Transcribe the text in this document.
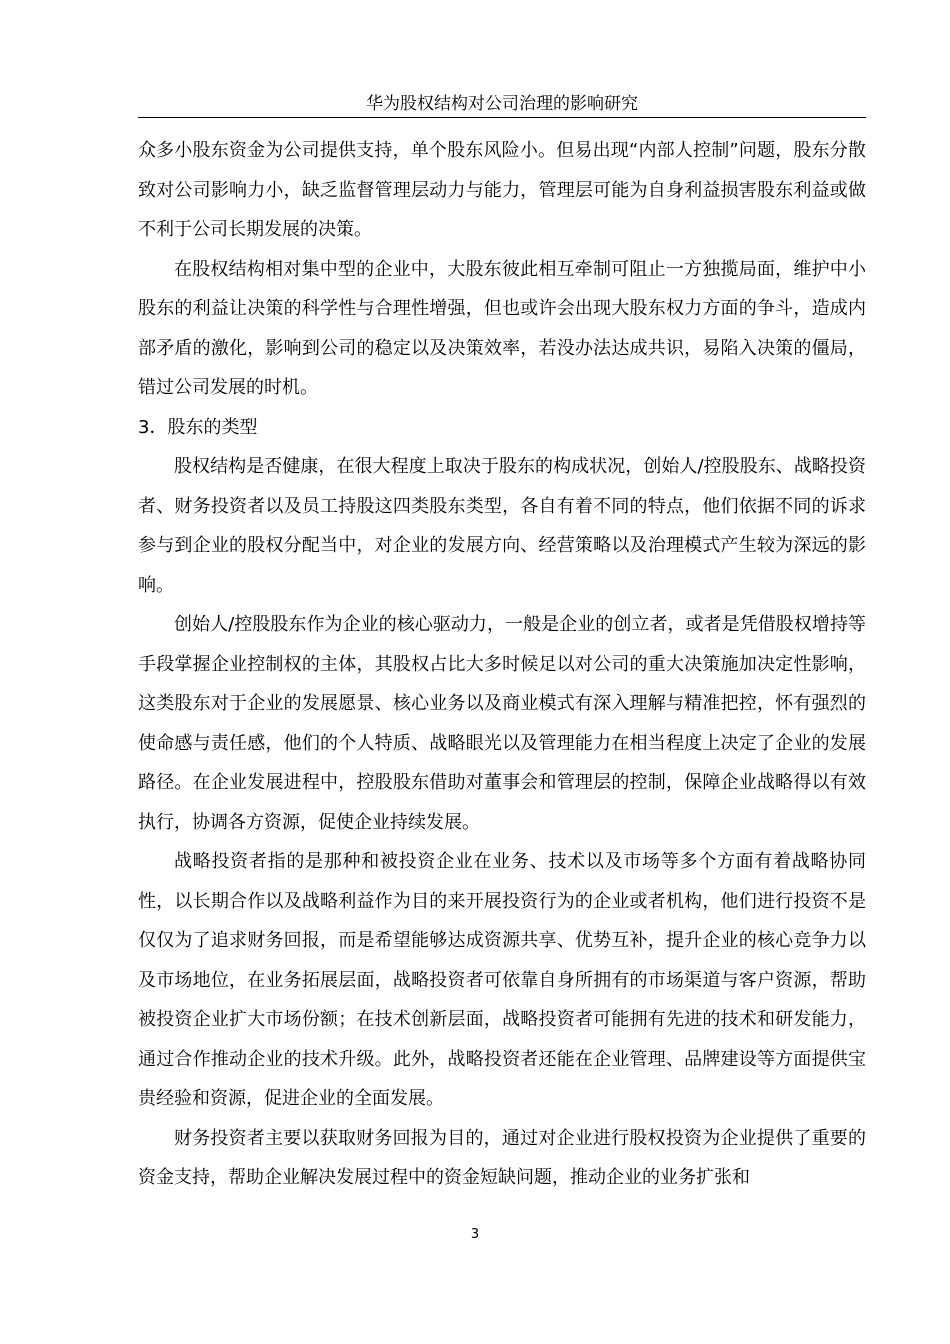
华为股权结构对公司治理的影响研究

众多小股东资金为公司提供支持，单个股东风险小。但易出现“内部人控制”问题，股东分散致对公司影响力小，缺乏监督管理层动力与能力，管理层可能为自身利益损害股东利益或做不利于公司长期发展的决策。

在股权结构相对集中型的企业中，大股东彼此相互牵制可阻止一方独揽局面，维护中小股东的利益让决策的科学性与合理性增强，但也或许会出现大股东权力方面的争斗，造成内部矛盾的激化，影响到公司的稳定以及决策效率，若没办法达成共识，易陷入决策的僵局，错过公司发展的时机。

3．股东的类型

股权结构是否健康，在很大程度上取决于股东的构成状况，创始人/控股股东、战略投资者、财务投资者以及员工持股这四类股东类型，各自有着不同的特点，他们依据不同的诉求参与到企业的股权分配当中，对企业的发展方向、经营策略以及治理模式产生较为深远的影响。

创始人/控股股东作为企业的核心驱动力，一般是企业的创立者，或者是凭借股权增持等手段掌握企业控制权的主体，其股权占比大多时候足以对公司的重大决策施加决定性影响，这类股东对于企业的发展愿景、核心业务以及商业模式有深入理解与精准把控，怀有强烈的使命感与责任感，他们的个人特质、战略眼光以及管理能力在相当程度上决定了企业的发展路径。在企业发展进程中，控股股东借助对董事会和管理层的控制，保障企业战略得以有效执行，协调各方资源，促使企业持续发展。

战略投资者指的是那种和被投资企业在业务、技术以及市场等多个方面有着战略协同性，以长期合作以及战略利益作为目的来开展投资行为的企业或者机构，他们进行投资不是仅仅为了追求财务回报，而是希望能够达成资源共享、优势互补，提升企业的核心竞争力以及市场地位，在业务拓展层面，战略投资者可依靠自身所拥有的市场渠道与客户资源，帮助被投资企业扩大市场份额；在技术创新层面，战略投资者可能拥有先进的技术和研发能力，通过合作推动企业的技术升级。此外，战略投资者还能在企业管理、品牌建设等方面提供宝贵经验和资源，促进企业的全面发展。

财务投资者主要以获取财务回报为目的，通过对企业进行股权投资为企业提供了重要的资金支持，帮助企业解决发展过程中的资金短缺问题，推动企业的业务扩张和

3
